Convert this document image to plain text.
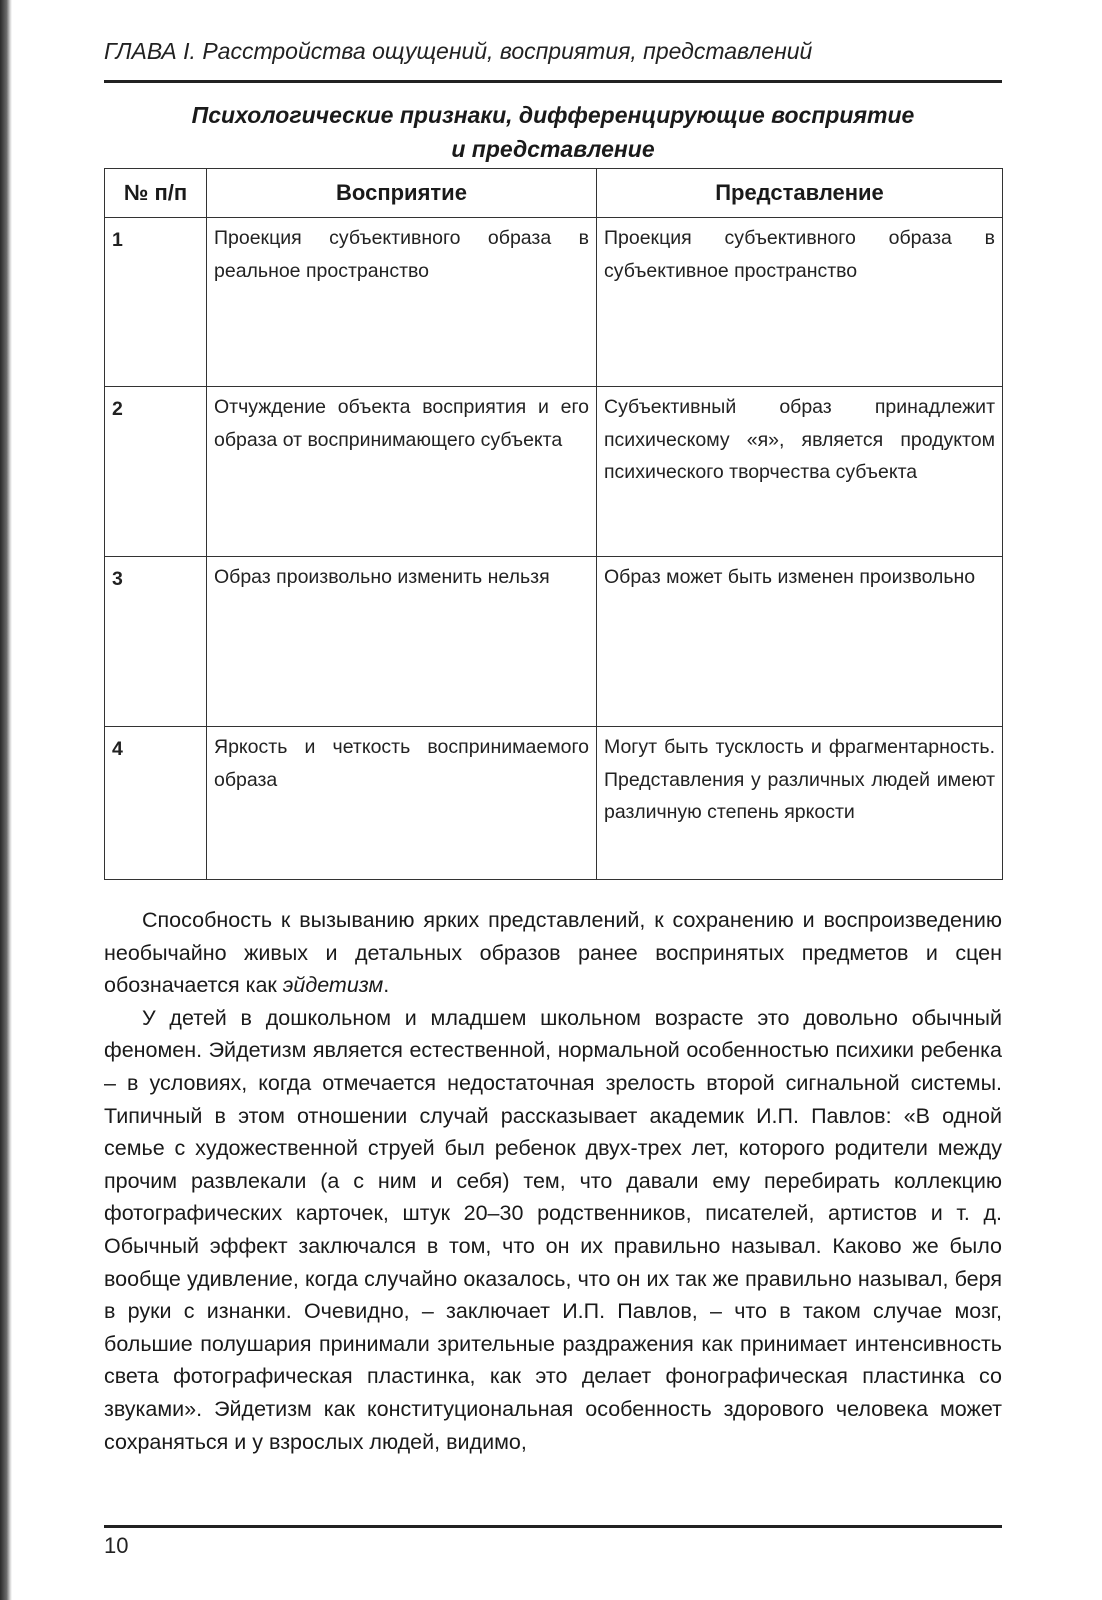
ГЛАВА I. Расстройства ощущений, восприятия, представлений
Психологические признаки, дифференцирующие восприятие
и представление
№ п/п	Восприятие	Представление
1	Проекция субъективного образа в реальное пространство	Проекция субъективного образа в субъективное пространство
2	Отчуждение объекта восприятия и его образа от воспринимающего субъекта	Субъективный образ принадлежит психическому «я», является продуктом психического творчества субъекта
3	Образ произвольно изменить нельзя	Образ может быть изменен произвольно
4	Яркость и четкость воспринимаемого образа	Могут быть тусклость и фрагментарность. Представления у различных людей имеют различную степень яркости

Способность к вызыванию ярких представлений, к сохранению и воспроизведению необычайно живых и детальных образов ранее воспринятых предметов и сцен обозначается как эйдетизм.

У детей в дошкольном и младшем школьном возрасте это довольно обычный феномен. Эйдетизм является естественной, нормальной особенностью психики ребенка – в условиях, когда отмечается недостаточная зрелость второй сигнальной системы. Типичный в этом отношении случай рассказывает академик И.П. Павлов: «В одной семье с художественной струей был ребенок двух-трех лет, которого родители между прочим развлекали (а с ним и себя) тем, что давали ему перебирать коллекцию фотографических карточек, штук 20–30 родственников, писателей, артистов и т. д. Обычный эффект заключался в том, что он их правильно называл. Каково же было вообще удивление, когда случайно оказалось, что он их так же правильно называл, беря в руки с изнанки. Очевидно, – заключает И.П. Павлов, – что в таком случае мозг, большие полушария принимали зрительные раздражения как принимает интенсивность света фотографическая пластинка, как это делает фонографическая пластинка со звуками». Эйдетизм как конституциональная особенность здорового человека может сохраняться и у взрослых людей, видимо,

10
